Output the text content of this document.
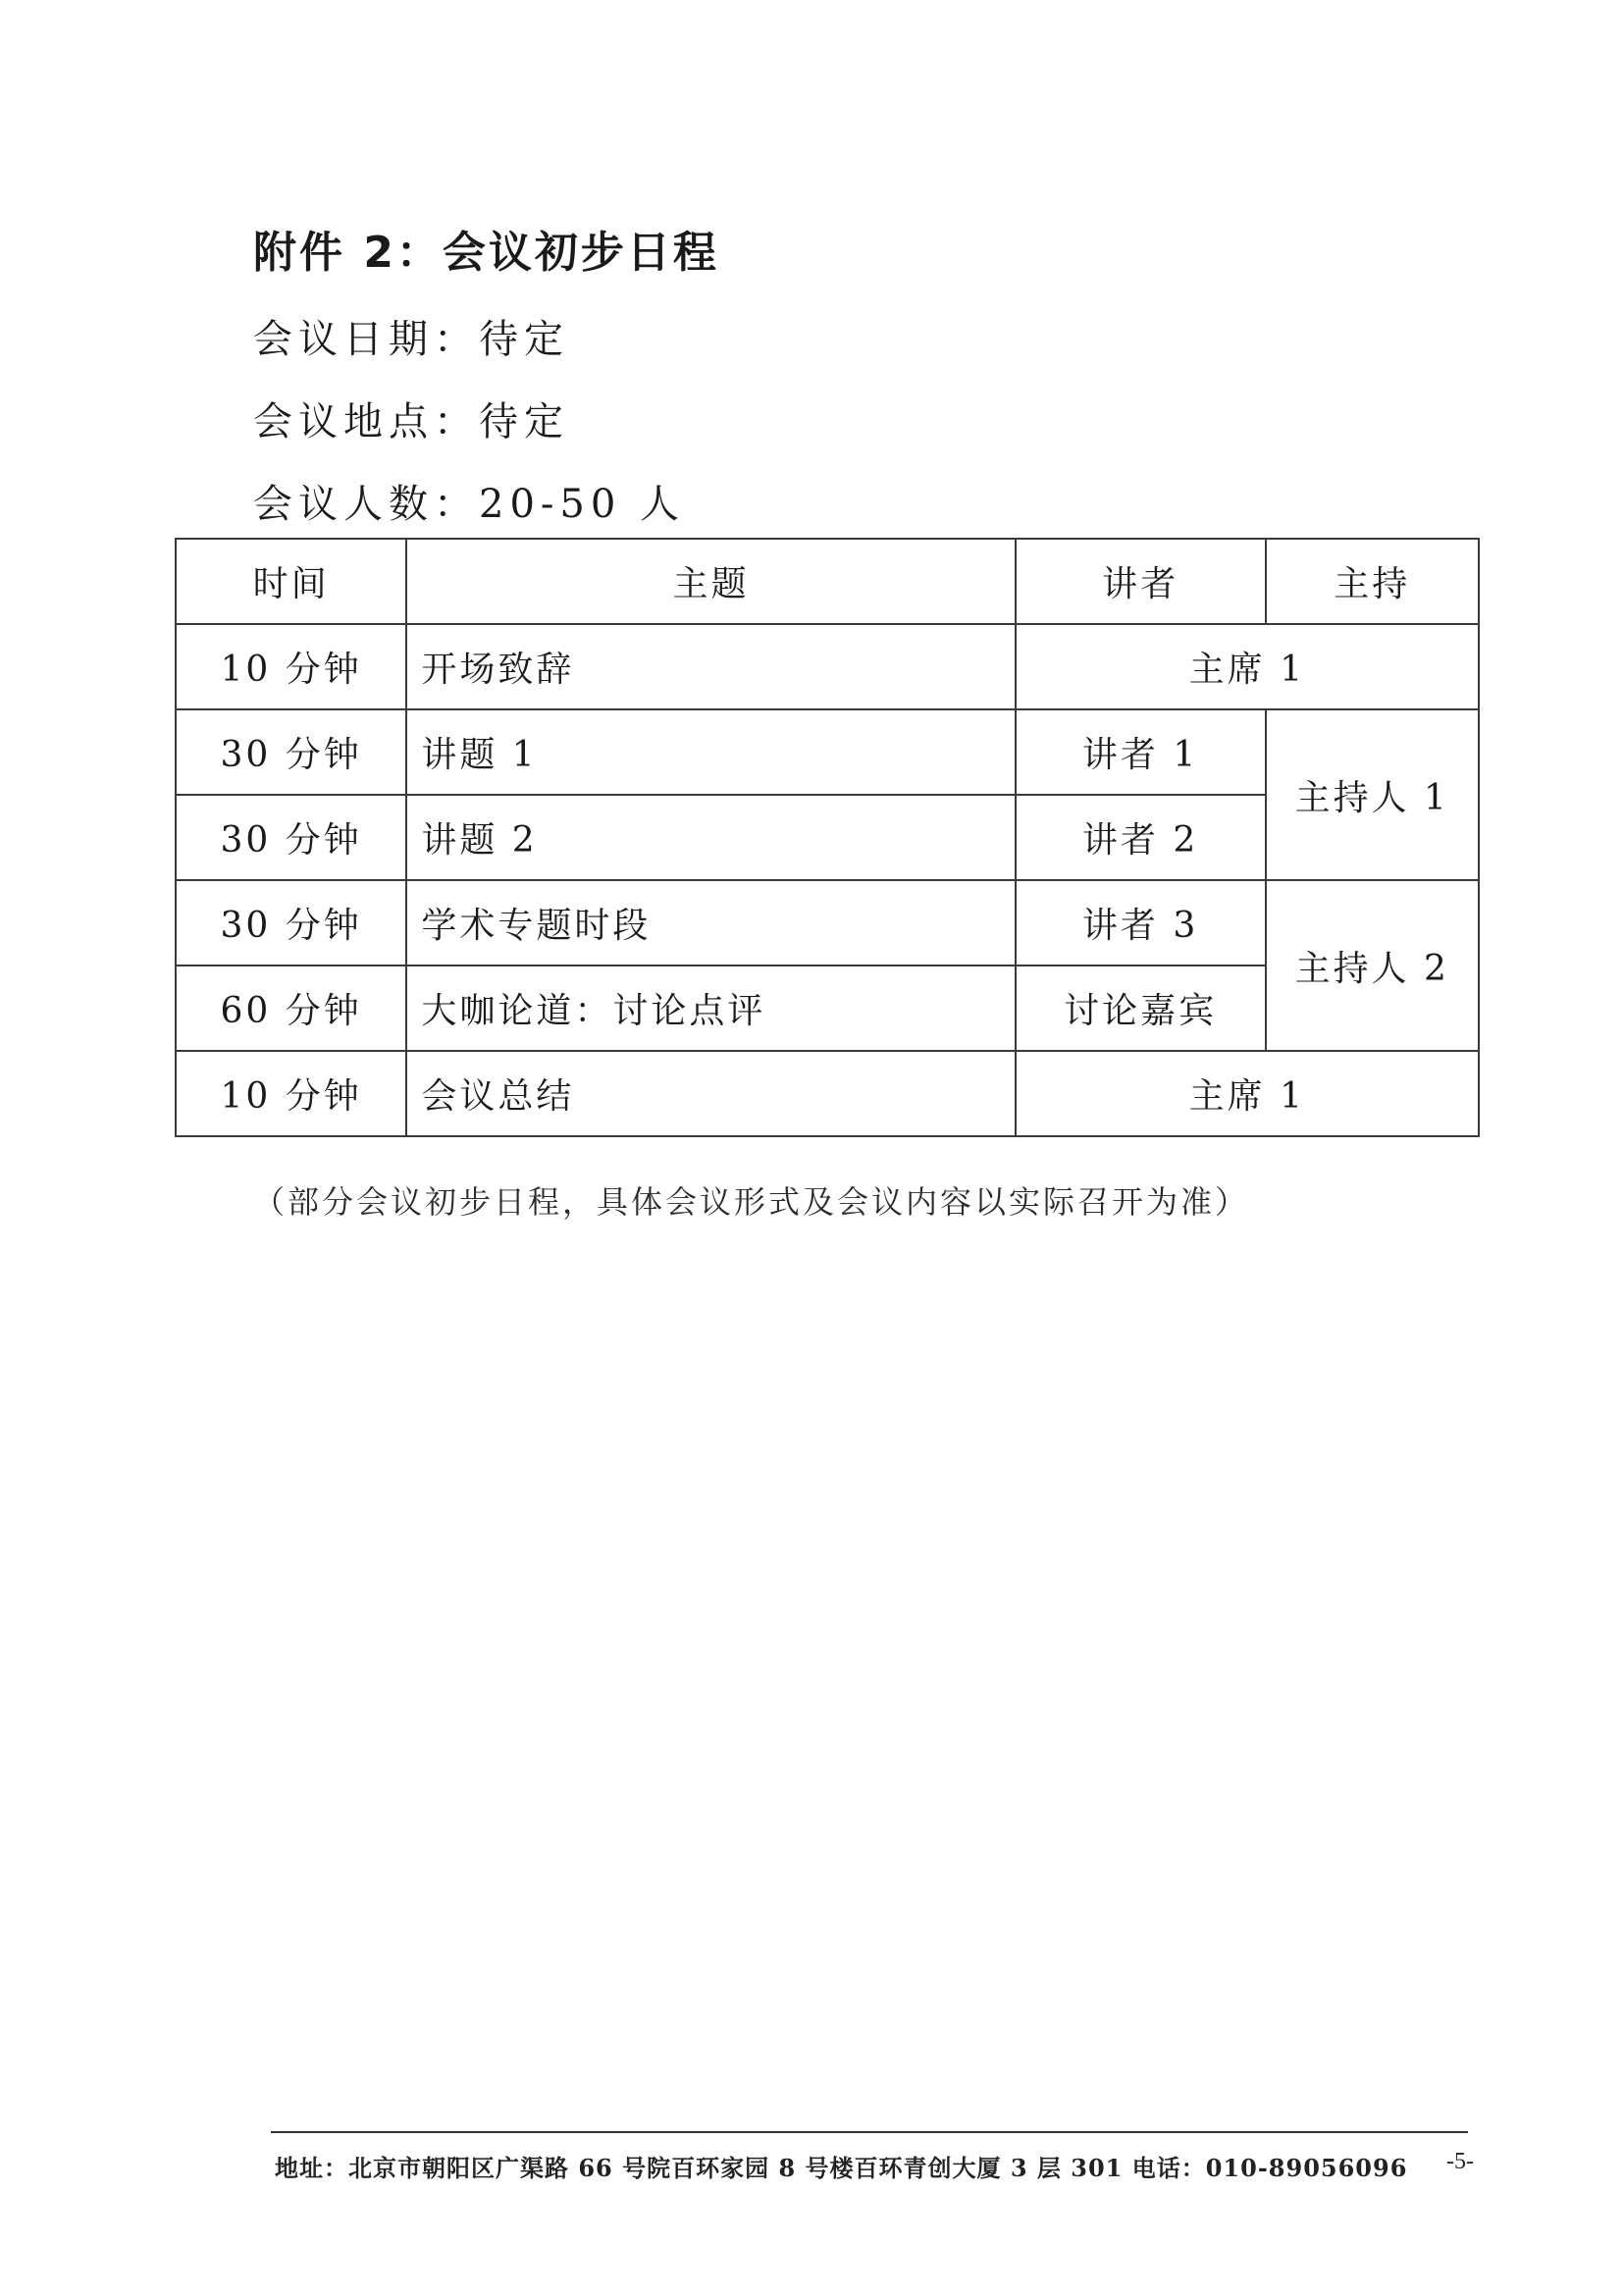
附件 2：会议初步日程
会议日期：待定
会议地点：待定
会议人数：20-50 人
时间	主题	讲者	主持
10 分钟	开场致辞	主席 1	
30 分钟	讲题 1	讲者 1	主持人 1
30 分钟	讲题 2	讲者 2	
30 分钟	学术专题时段	讲者 3	主持人 2
60 分钟	大咖论道：讨论点评	讨论嘉宾	
10 分钟	会议总结	主席 1	
（部分会议初步日程，具体会议形式及会议内容以实际召开为准）
地址：北京市朝阳区广渠路 66 号院百环家园 8 号楼百环青创大厦 3 层 301 电话：010-89056096 -5-
